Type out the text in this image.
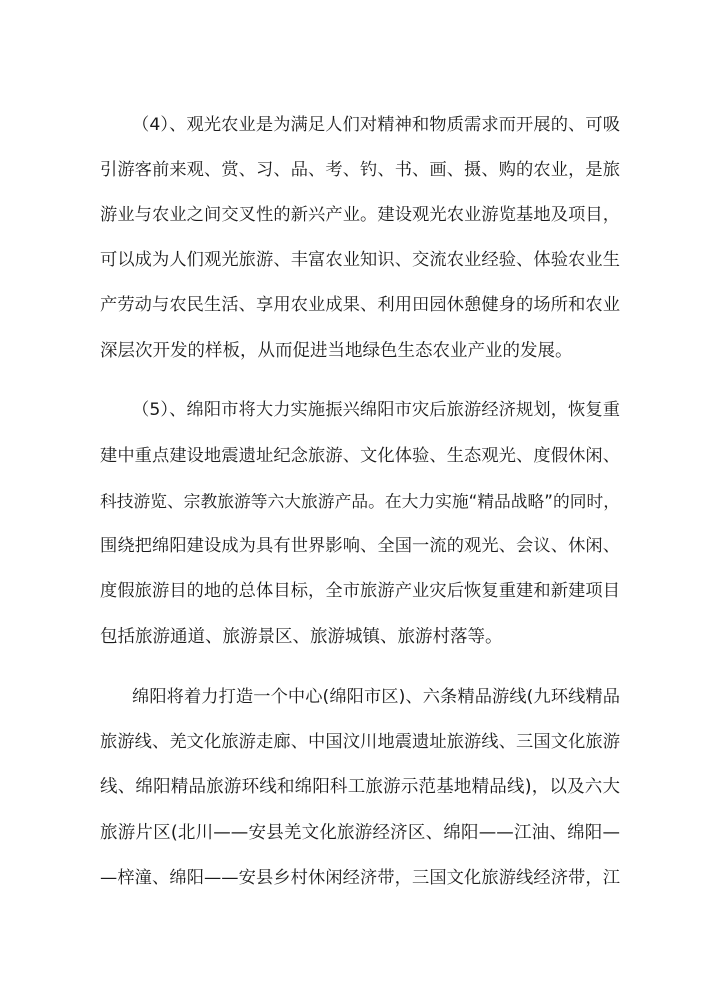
（4）、观光农业是为满足人们对精神和物质需求而开展的、可吸
引游客前来观、赏、习、品、考、钓、书、画、摄、购的农业，是旅
游业与农业之间交叉性的新兴产业。建设观光农业游览基地及项目，
可以成为人们观光旅游、丰富农业知识、交流农业经验、体验农业生
产劳动与农民生活、享用农业成果、利用田园休憩健身的场所和农业
深层次开发的样板，从而促进当地绿色生态农业产业的发展。
（5）、绵阳市将大力实施振兴绵阳市灾后旅游经济规划，恢复重
建中重点建设地震遗址纪念旅游、文化体验、生态观光、度假休闲、
科技游览、宗教旅游等六大旅游产品。在大力实施“精品战略”的同时，
围绕把绵阳建设成为具有世界影响、全国一流的观光、会议、休闲、
度假旅游目的地的总体目标，全市旅游产业灾后恢复重建和新建项目
包括旅游通道、旅游景区、旅游城镇、旅游村落等。
绵阳将着力打造一个中心(绵阳市区)、六条精品游线(九环线精品
旅游线、羌文化旅游走廊、中国汶川地震遗址旅游线、三国文化旅游
线、绵阳精品旅游环线和绵阳科工旅游示范基地精品线)，以及六大
旅游片区(北川——安县羌文化旅游经济区、绵阳——江油、绵阳—
—梓潼、绵阳——安县乡村休闲经济带，三国文化旅游线经济带，江
